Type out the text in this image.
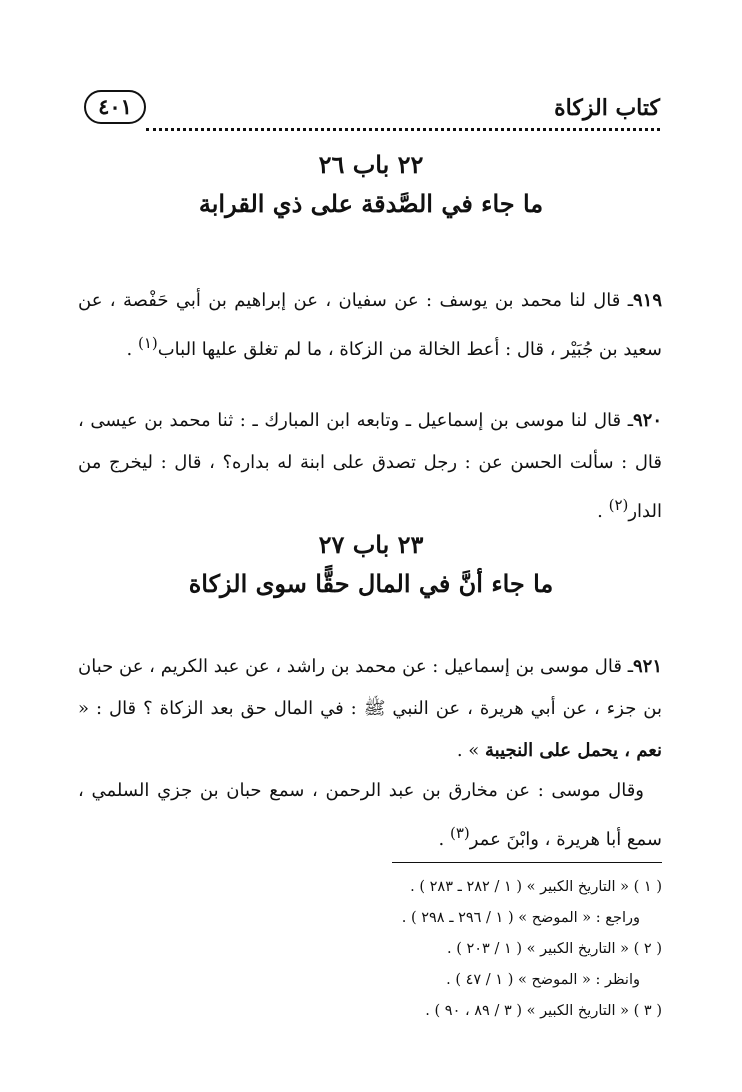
كتاب الزكاة
٤٠١
٢٢ باب ٢٦
ما جاء في الصَّدقة على ذي القرابة

٩١٩ـ قال لنا محمد بن يوسف : عن سفيان ، عن إبراهيم بن أبي حَفْصة ، عن سعيد بن جُبَيْر ، قال : أعط الخالة من الزكاة ، ما لم تغلق عليها الباب$^{(١)}$ .

٩٢٠ـ قال لنا موسى بن إسماعيل ـ وتابعه ابن المبارك ـ : ثنا محمد بن عيسى ، قال : سألت الحسن عن : رجل تصدق على ابنة له بداره؟ ، قال : ليخرج من الدار$^{(٢)}$ .

٢٣ باب ٢٧
ما جاء أنَّ في المال حقًّا سوى الزكاة

٩٢١ـ قال موسى بن إسماعيل : عن محمد بن راشد ، عن عبد الكريم ، عن حبان بن جزء ، عن أبي هريرة ، عن النبي ﷺ : في المال حق بعد الزكاة ؟ قال : « نعم ، يحمل على النجيبة » .

 وقال موسى : عن مخارق بن عبد الرحمن ، سمع حبان بن جزي السلمي ، سمع أبا هريرة ، وابْنَ عمر$^{(٣)}$ .

( ١ ) « التاريخ الكبير » ( ١ / ٢٨٢ ـ ٢٨٣ ) .
وراجع : « الموضح » ( ١ / ٢٩٦ ـ ٢٩٨ ) .
( ٢ ) « التاريخ الكبير » ( ١ / ٢٠٣ ) .
وانظر : « الموضح » ( ١ / ٤٧ ) .
( ٣ ) « التاريخ الكبير » ( ٣ / ٨٩ ، ٩٠ ) .
